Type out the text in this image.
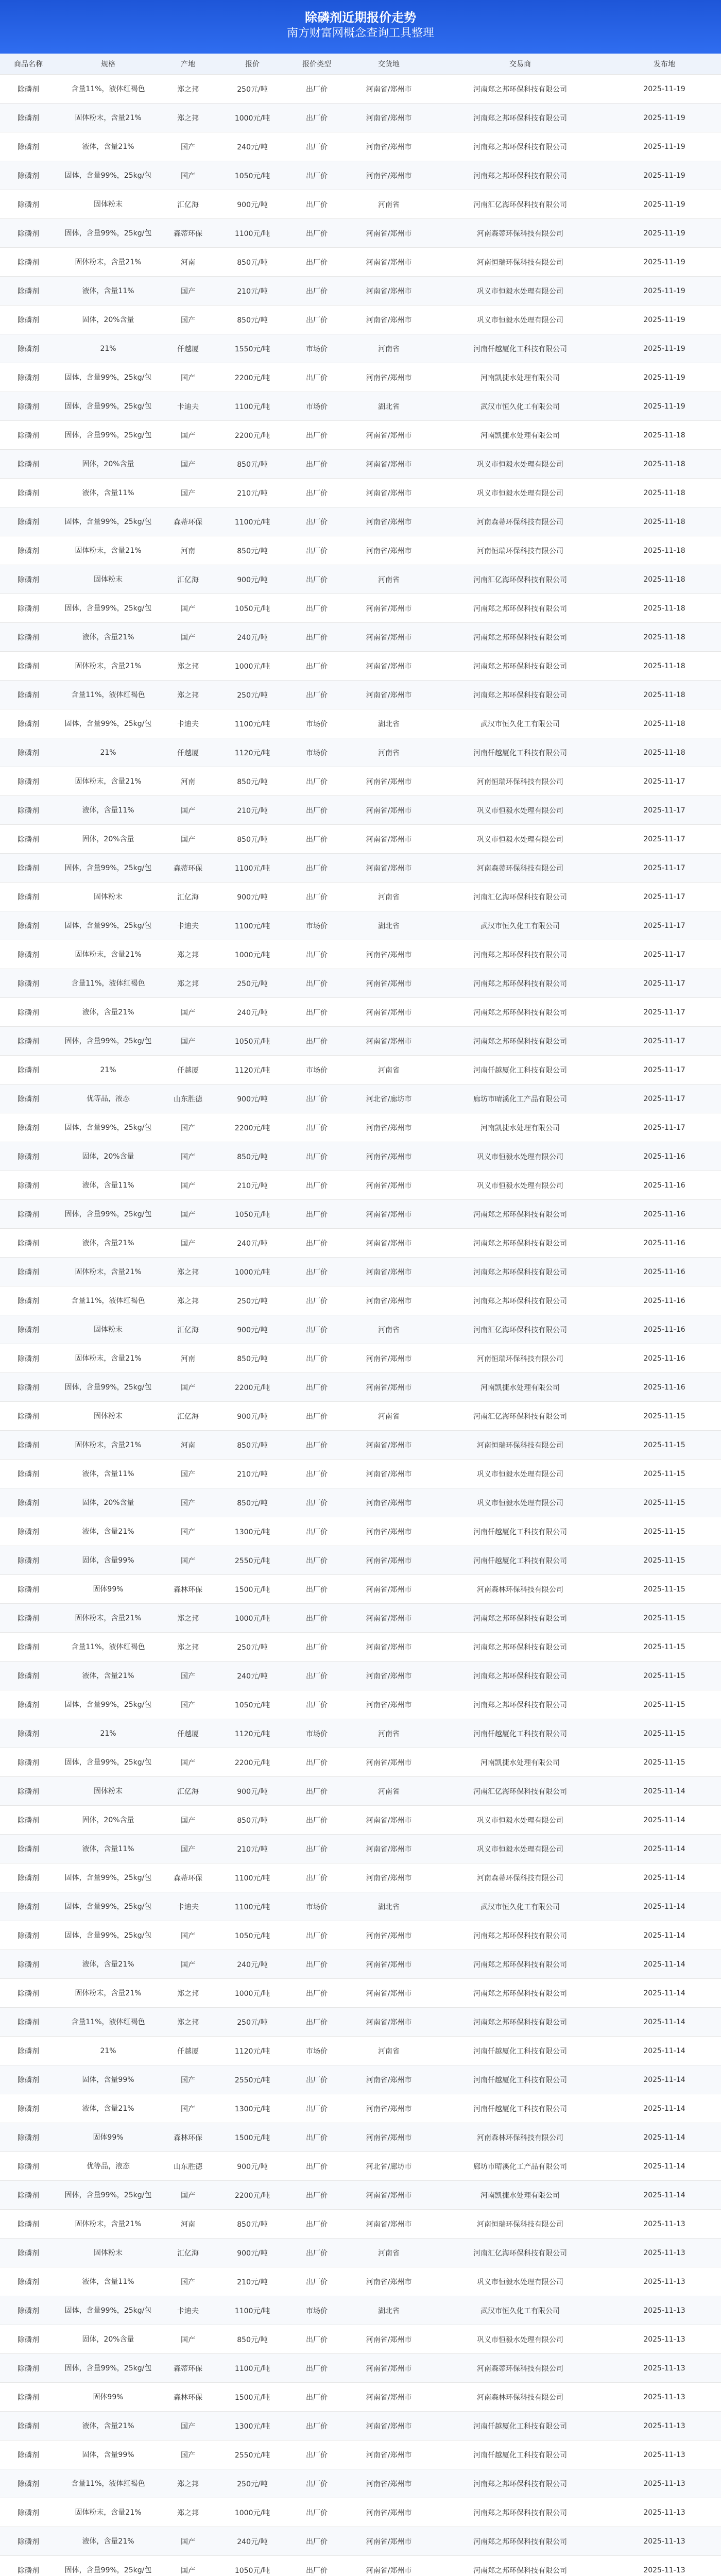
除磷剂近期报价走势
南方财富网概念查询工具整理
商品名称	规格	产地	报价	报价类型	交货地	交易商	发布地
除磷剂	含量11%，液体红褐色	郑之邦	250元/吨	出厂价	河南省/郑州市	河南郑之邦环保科技有限公司	2025-11-19
除磷剂	固体粉末，含量21%	郑之邦	1000元/吨	出厂价	河南省/郑州市	河南郑之邦环保科技有限公司	2025-11-19
除磷剂	液体，含量21%	国产	240元/吨	出厂价	河南省/郑州市	河南郑之邦环保科技有限公司	2025-11-19
除磷剂	固体，含量99%，25kg/包	国产	1050元/吨	出厂价	河南省/郑州市	河南郑之邦环保科技有限公司	2025-11-19
除磷剂	固体粉末	汇亿海	900元/吨	出厂价	河南省	河南汇亿海环保科技有限公司	2025-11-19
除磷剂	固体，含量99%，25kg/包	森蒂环保	1100元/吨	出厂价	河南省/郑州市	河南森蒂环保科技有限公司	2025-11-19
除磷剂	固体粉末，含量21%	河南	850元/吨	出厂价	河南省/郑州市	河南恒瑞环保科技有限公司	2025-11-19
除磷剂	液体，含量11%	国产	210元/吨	出厂价	河南省/郑州市	巩义市恒毅水处理有限公司	2025-11-19
除磷剂	固体，20%含量	国产	850元/吨	出厂价	河南省/郑州市	巩义市恒毅水处理有限公司	2025-11-19
除磷剂	21%	仟越厦	1550元/吨	市场价	河南省	河南仟越厦化工科技有限公司	2025-11-19
除磷剂	固体，含量99%，25kg/包	国产	2200元/吨	出厂价	河南省/郑州市	河南凯捷水处理有限公司	2025-11-19
除磷剂	固体，含量99%，25kg/包	卡迪夫	1100元/吨	市场价	湖北省	武汉市恒久化工有限公司	2025-11-19
除磷剂	固体，含量99%，25kg/包	国产	2200元/吨	出厂价	河南省/郑州市	河南凯捷水处理有限公司	2025-11-18
除磷剂	固体，20%含量	国产	850元/吨	出厂价	河南省/郑州市	巩义市恒毅水处理有限公司	2025-11-18
除磷剂	液体，含量11%	国产	210元/吨	出厂价	河南省/郑州市	巩义市恒毅水处理有限公司	2025-11-18
除磷剂	固体，含量99%，25kg/包	森蒂环保	1100元/吨	出厂价	河南省/郑州市	河南森蒂环保科技有限公司	2025-11-18
除磷剂	固体粉末，含量21%	河南	850元/吨	出厂价	河南省/郑州市	河南恒瑞环保科技有限公司	2025-11-18
除磷剂	固体粉末	汇亿海	900元/吨	出厂价	河南省	河南汇亿海环保科技有限公司	2025-11-18
除磷剂	固体，含量99%，25kg/包	国产	1050元/吨	出厂价	河南省/郑州市	河南郑之邦环保科技有限公司	2025-11-18
除磷剂	液体，含量21%	国产	240元/吨	出厂价	河南省/郑州市	河南郑之邦环保科技有限公司	2025-11-18
除磷剂	固体粉末，含量21%	郑之邦	1000元/吨	出厂价	河南省/郑州市	河南郑之邦环保科技有限公司	2025-11-18
除磷剂	含量11%，液体红褐色	郑之邦	250元/吨	出厂价	河南省/郑州市	河南郑之邦环保科技有限公司	2025-11-18
除磷剂	固体，含量99%，25kg/包	卡迪夫	1100元/吨	市场价	湖北省	武汉市恒久化工有限公司	2025-11-18
除磷剂	21%	仟越厦	1120元/吨	市场价	河南省	河南仟越厦化工科技有限公司	2025-11-18
除磷剂	固体粉末，含量21%	河南	850元/吨	出厂价	河南省/郑州市	河南恒瑞环保科技有限公司	2025-11-17
除磷剂	液体，含量11%	国产	210元/吨	出厂价	河南省/郑州市	巩义市恒毅水处理有限公司	2025-11-17
除磷剂	固体，20%含量	国产	850元/吨	出厂价	河南省/郑州市	巩义市恒毅水处理有限公司	2025-11-17
除磷剂	固体，含量99%，25kg/包	森蒂环保	1100元/吨	出厂价	河南省/郑州市	河南森蒂环保科技有限公司	2025-11-17
除磷剂	固体粉末	汇亿海	900元/吨	出厂价	河南省	河南汇亿海环保科技有限公司	2025-11-17
除磷剂	固体，含量99%，25kg/包	卡迪夫	1100元/吨	市场价	湖北省	武汉市恒久化工有限公司	2025-11-17
除磷剂	固体粉末，含量21%	郑之邦	1000元/吨	出厂价	河南省/郑州市	河南郑之邦环保科技有限公司	2025-11-17
除磷剂	含量11%，液体红褐色	郑之邦	250元/吨	出厂价	河南省/郑州市	河南郑之邦环保科技有限公司	2025-11-17
除磷剂	液体，含量21%	国产	240元/吨	出厂价	河南省/郑州市	河南郑之邦环保科技有限公司	2025-11-17
除磷剂	固体，含量99%，25kg/包	国产	1050元/吨	出厂价	河南省/郑州市	河南郑之邦环保科技有限公司	2025-11-17
除磷剂	21%	仟越厦	1120元/吨	市场价	河南省	河南仟越厦化工科技有限公司	2025-11-17
除磷剂	优等品，液态	山东胜德	900元/吨	出厂价	河北省/廊坊市	廊坊市晴溪化工产品有限公司	2025-11-17
除磷剂	固体，含量99%，25kg/包	国产	2200元/吨	出厂价	河南省/郑州市	河南凯捷水处理有限公司	2025-11-17
除磷剂	固体，20%含量	国产	850元/吨	出厂价	河南省/郑州市	巩义市恒毅水处理有限公司	2025-11-16
除磷剂	液体，含量11%	国产	210元/吨	出厂价	河南省/郑州市	巩义市恒毅水处理有限公司	2025-11-16
除磷剂	固体，含量99%，25kg/包	国产	1050元/吨	出厂价	河南省/郑州市	河南郑之邦环保科技有限公司	2025-11-16
除磷剂	液体，含量21%	国产	240元/吨	出厂价	河南省/郑州市	河南郑之邦环保科技有限公司	2025-11-16
除磷剂	固体粉末，含量21%	郑之邦	1000元/吨	出厂价	河南省/郑州市	河南郑之邦环保科技有限公司	2025-11-16
除磷剂	含量11%，液体红褐色	郑之邦	250元/吨	出厂价	河南省/郑州市	河南郑之邦环保科技有限公司	2025-11-16
除磷剂	固体粉末	汇亿海	900元/吨	出厂价	河南省	河南汇亿海环保科技有限公司	2025-11-16
除磷剂	固体粉末，含量21%	河南	850元/吨	出厂价	河南省/郑州市	河南恒瑞环保科技有限公司	2025-11-16
除磷剂	固体，含量99%，25kg/包	国产	2200元/吨	出厂价	河南省/郑州市	河南凯捷水处理有限公司	2025-11-16
除磷剂	固体粉末	汇亿海	900元/吨	出厂价	河南省	河南汇亿海环保科技有限公司	2025-11-15
除磷剂	固体粉末，含量21%	河南	850元/吨	出厂价	河南省/郑州市	河南恒瑞环保科技有限公司	2025-11-15
除磷剂	液体，含量11%	国产	210元/吨	出厂价	河南省/郑州市	巩义市恒毅水处理有限公司	2025-11-15
除磷剂	固体，20%含量	国产	850元/吨	出厂价	河南省/郑州市	巩义市恒毅水处理有限公司	2025-11-15
除磷剂	液体，含量21%	国产	1300元/吨	出厂价	河南省/郑州市	河南仟越厦化工科技有限公司	2025-11-15
除磷剂	固体，含量99%	国产	2550元/吨	出厂价	河南省/郑州市	河南仟越厦化工科技有限公司	2025-11-15
除磷剂	固体99%	森林环保	1500元/吨	出厂价	河南省/郑州市	河南森林环保科技有限公司	2025-11-15
除磷剂	固体粉末，含量21%	郑之邦	1000元/吨	出厂价	河南省/郑州市	河南郑之邦环保科技有限公司	2025-11-15
除磷剂	含量11%，液体红褐色	郑之邦	250元/吨	出厂价	河南省/郑州市	河南郑之邦环保科技有限公司	2025-11-15
除磷剂	液体，含量21%	国产	240元/吨	出厂价	河南省/郑州市	河南郑之邦环保科技有限公司	2025-11-15
除磷剂	固体，含量99%，25kg/包	国产	1050元/吨	出厂价	河南省/郑州市	河南郑之邦环保科技有限公司	2025-11-15
除磷剂	21%	仟越厦	1120元/吨	市场价	河南省	河南仟越厦化工科技有限公司	2025-11-15
除磷剂	固体，含量99%，25kg/包	国产	2200元/吨	出厂价	河南省/郑州市	河南凯捷水处理有限公司	2025-11-15
除磷剂	固体粉末	汇亿海	900元/吨	出厂价	河南省	河南汇亿海环保科技有限公司	2025-11-14
除磷剂	固体，20%含量	国产	850元/吨	出厂价	河南省/郑州市	巩义市恒毅水处理有限公司	2025-11-14
除磷剂	液体，含量11%	国产	210元/吨	出厂价	河南省/郑州市	巩义市恒毅水处理有限公司	2025-11-14
除磷剂	固体，含量99%，25kg/包	森蒂环保	1100元/吨	出厂价	河南省/郑州市	河南森蒂环保科技有限公司	2025-11-14
除磷剂	固体，含量99%，25kg/包	卡迪夫	1100元/吨	市场价	湖北省	武汉市恒久化工有限公司	2025-11-14
除磷剂	固体，含量99%，25kg/包	国产	1050元/吨	出厂价	河南省/郑州市	河南郑之邦环保科技有限公司	2025-11-14
除磷剂	液体，含量21%	国产	240元/吨	出厂价	河南省/郑州市	河南郑之邦环保科技有限公司	2025-11-14
除磷剂	固体粉末，含量21%	郑之邦	1000元/吨	出厂价	河南省/郑州市	河南郑之邦环保科技有限公司	2025-11-14
除磷剂	含量11%，液体红褐色	郑之邦	250元/吨	出厂价	河南省/郑州市	河南郑之邦环保科技有限公司	2025-11-14
除磷剂	21%	仟越厦	1120元/吨	市场价	河南省	河南仟越厦化工科技有限公司	2025-11-14
除磷剂	固体，含量99%	国产	2550元/吨	出厂价	河南省/郑州市	河南仟越厦化工科技有限公司	2025-11-14
除磷剂	液体，含量21%	国产	1300元/吨	出厂价	河南省/郑州市	河南仟越厦化工科技有限公司	2025-11-14
除磷剂	固体99%	森林环保	1500元/吨	出厂价	河南省/郑州市	河南森林环保科技有限公司	2025-11-14
除磷剂	优等品，液态	山东胜德	900元/吨	出厂价	河北省/廊坊市	廊坊市晴溪化工产品有限公司	2025-11-14
除磷剂	固体，含量99%，25kg/包	国产	2200元/吨	出厂价	河南省/郑州市	河南凯捷水处理有限公司	2025-11-14
除磷剂	固体粉末，含量21%	河南	850元/吨	出厂价	河南省/郑州市	河南恒瑞环保科技有限公司	2025-11-13
除磷剂	固体粉末	汇亿海	900元/吨	出厂价	河南省	河南汇亿海环保科技有限公司	2025-11-13
除磷剂	液体，含量11%	国产	210元/吨	出厂价	河南省/郑州市	巩义市恒毅水处理有限公司	2025-11-13
除磷剂	固体，含量99%，25kg/包	卡迪夫	1100元/吨	市场价	湖北省	武汉市恒久化工有限公司	2025-11-13
除磷剂	固体，20%含量	国产	850元/吨	出厂价	河南省/郑州市	巩义市恒毅水处理有限公司	2025-11-13
除磷剂	固体，含量99%，25kg/包	森蒂环保	1100元/吨	出厂价	河南省/郑州市	河南森蒂环保科技有限公司	2025-11-13
除磷剂	固体99%	森林环保	1500元/吨	出厂价	河南省/郑州市	河南森林环保科技有限公司	2025-11-13
除磷剂	液体，含量21%	国产	1300元/吨	出厂价	河南省/郑州市	河南仟越厦化工科技有限公司	2025-11-13
除磷剂	固体，含量99%	国产	2550元/吨	出厂价	河南省/郑州市	河南仟越厦化工科技有限公司	2025-11-13
除磷剂	含量11%，液体红褐色	郑之邦	250元/吨	出厂价	河南省/郑州市	河南郑之邦环保科技有限公司	2025-11-13
除磷剂	固体粉末，含量21%	郑之邦	1000元/吨	出厂价	河南省/郑州市	河南郑之邦环保科技有限公司	2025-11-13
除磷剂	液体，含量21%	国产	240元/吨	出厂价	河南省/郑州市	河南郑之邦环保科技有限公司	2025-11-13
除磷剂	固体，含量99%，25kg/包	国产	1050元/吨	出厂价	河南省/郑州市	河南郑之邦环保科技有限公司	2025-11-13
